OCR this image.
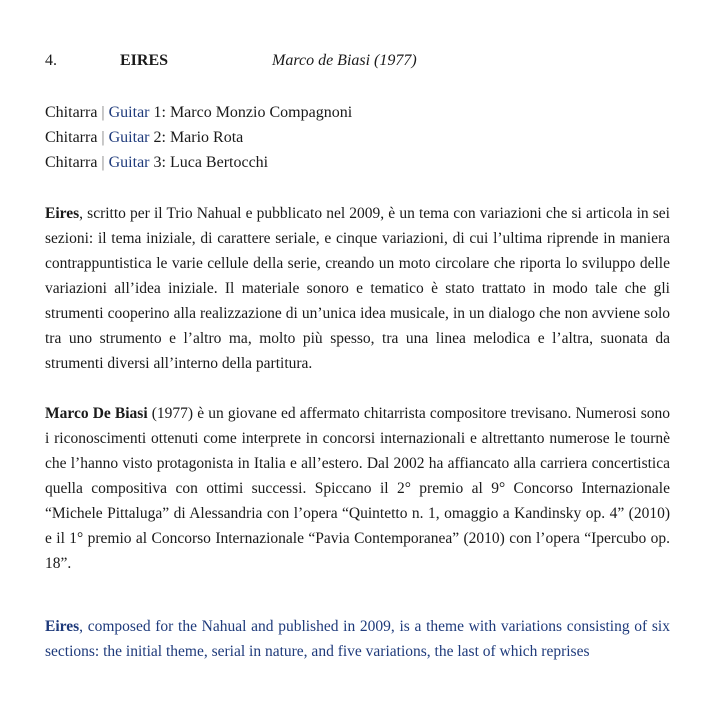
4.	EIRES	Marco de Biasi (1977)
Chitarra | Guitar 1: Marco Monzio Compagnoni
Chitarra | Guitar 2: Mario Rota
Chitarra | Guitar 3: Luca Bertocchi

Eires, scritto per il Trio Nahual e pubblicato nel 2009, è un tema con variazioni che si articola in sei sezioni: il tema iniziale, di carattere seriale, e cinque variazioni, di cui l’ultima riprende in maniera contrappuntistica le varie cellule della serie, creando un moto circolare che riporta lo sviluppo delle variazioni all’idea iniziale. Il materiale sonoro e tematico è stato trattato in modo tale che gli strumenti cooperino alla realizzazione di un’unica idea musicale, in un dialogo che non avviene solo tra uno strumento e l’altro ma, molto più spesso, tra una linea melodica e l’altra, suonata da strumenti diversi all’interno della partitura.

Marco De Biasi (1977) è un giovane ed affermato chitarrista compositore trevisano. Numerosi sono i riconoscimenti ottenuti come interprete in concorsi internazionali e altrettanto numerose le tournè che l’hanno visto protagonista in Italia e all’estero. Dal 2002 ha affiancato alla carriera concertistica quella compositiva con ottimi successi. Spiccano il 2° premio al 9° Concorso Internazionale “Michele Pittaluga” di Alessandria con l’opera “Quintetto n. 1, omaggio a Kandinsky op. 4” (2010) e il 1° premio al Concorso Internazionale “Pavia Contemporanea” (2010) con l’opera “Ipercubo op. 18”.

Eires, composed for the Nahual and published in 2009, is a theme with variations consisting of six sections: the initial theme, serial in nature, and five variations, the last of which reprises
